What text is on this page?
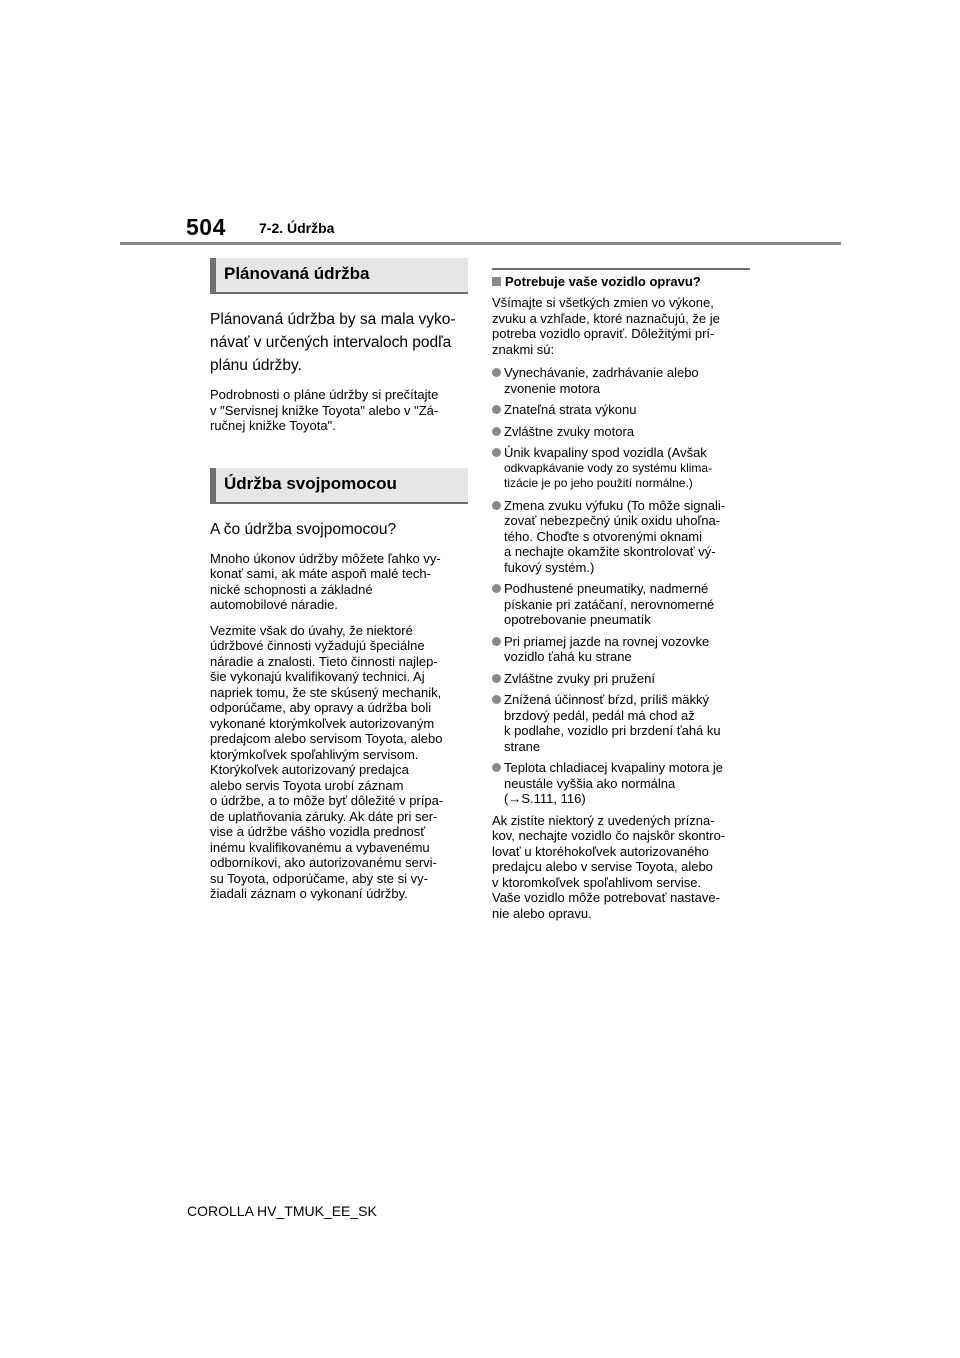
504 7-2. Údržba
Plánovaná údržba
Plánovaná údržba by sa mala vyko-
návať v určených intervaloch podľa
plánu údržby.
Podrobnosti o pláne údržby si prečítajte
v "Servisnej knižke Toyota" alebo v "Zá-
ručnej knižke Toyota".
Údržba svojpomocou
A čo údržba svojpomocou?
Mnoho úkonov údržby môžete ľahko vy-
konať sami, ak máte aspoň malé tech-
nické schopnosti a základné
automobilové náradie.
Vezmite však do úvahy, že niektoré
údržbové činnosti vyžadujú špeciálne
náradie a znalosti. Tieto činnosti najlep-
šie vykonajú kvalifikovaný technici. Aj
napriek tomu, že ste skúsený mechanik,
odporúčame, aby opravy a údržba boli
vykonané ktorýmkoľvek autorizovaným
predajcom alebo servisom Toyota, alebo
ktorýmkoľvek spoľahlivým servisom.
Ktorýkoľvek autorizovaný predajca
alebo servis Toyota urobí záznam
o údržbe, a to môže byť dôležité v prípa-
de uplatňovania záruky. Ak dáte pri ser-
vise a údržbe vášho vozidla prednosť
inému kvalifikovanému a vybavenému
odborníkovi, ako autorizovanému servi-
su Toyota, odporúčame, aby ste si vy-
žiadali záznam o vykonaní údržby.
Potrebuje vaše vozidlo opravu?
Všímajte si všetkých zmien vo výkone,
zvuku a vzhľade, ktoré naznačujú, že je
potreba vozidlo opraviť. Dôležitými prí-
znakmi sú:
Vynechávanie, zadrhávanie alebo
zvonenie motora
Znateľná strata výkonu
Zvláštne zvuky motora
Únik kvapaliny spod vozidla (Avšak
odkvapkávanie vody zo systému klima-
tizácie je po jeho použití normálne.)
Zmena zvuku výfuku (To môže signali-
zovať nebezpečný únik oxidu uhoľna-
tého. Choďte s otvorenými oknami
a nechajte okamžite skontrolovať vý-
fukový systém.)
Podhustené pneumatiky, nadmerné
pískanie pri zatáčaní, nerovnomerné
opotrebovanie pneumatík
Pri priamej jazde na rovnej vozovke
vozidlo ťahá ku strane
Zvláštne zvuky pri pružení
Znížená účinnosť bŕzd, príliš mäkký
brzdový pedál, pedál má chod až
k podlahe, vozidlo pri brzdení ťahá ku
strane
Teplota chladiacej kvapaliny motora je
neustále vyššia ako normálna
(→S.111, 116)
Ak zistíte niektorý z uvedených prízna-
kov, nechajte vozidlo čo najskôr skontro-
lovať u ktoréhokoľvek autorizovaného
predajcu alebo v servise Toyota, alebo
v ktoromkoľvek spoľahlivom servise.
Vaše vozidlo môže potrebovať nastave-
nie alebo opravu.
COROLLA HV_TMUK_EE_SK
